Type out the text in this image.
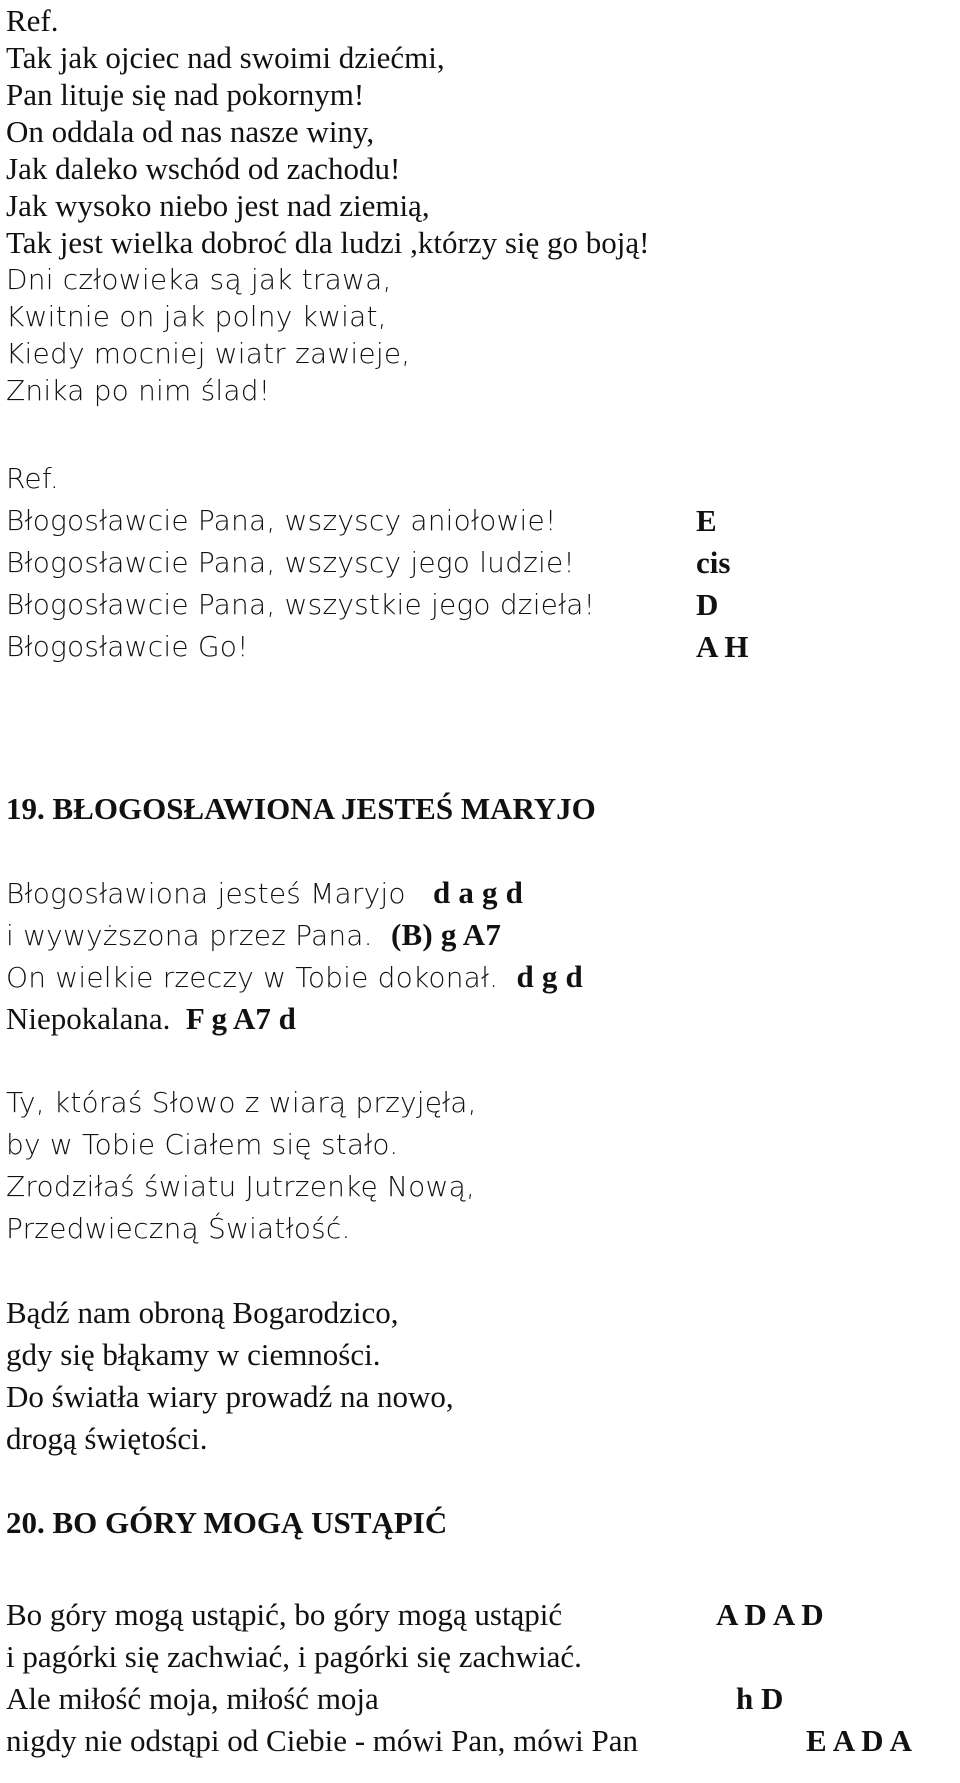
Ref.
Tak jak ojciec nad swoimi dziećmi,
Pan lituje się nad pokornym!
On oddala od nas nasze winy,
Jak daleko wschód od zachodu!
Jak wysoko niebo jest nad ziemią,
Tak jest wielka dobroć dla ludzi ,którzy się go boją!
Dni człowieka są jak trawa,
Kwitnie on jak polny kwiat,
Kiedy mocniej wiatr zawieje,
Znika po nim ślad!
Ref.
Błogosławcie Pana, wszyscy aniołowie!	E
Błogosławcie Pana, wszyscy jego ludzie!	cis
Błogosławcie Pana, wszystkie jego dzieła!	D
Błogosławcie Go!	A H
19. BŁOGOSŁAWIONA JESTEŚ MARYJO
Błogosławiona jesteś Maryjo d a g d
i wywyższona przez Pana. (B) g A7
On wielkie rzeczy w Tobie dokonał. d g d
Niepokalana. F g A7 d
Ty, któraś Słowo z wiarą przyjęła,
by w Tobie Ciałem się stało.
Zrodziłaś światu Jutrzenkę Nową,
Przedwieczną Światłość.
Bądź nam obroną Bogarodzico,
gdy się błąkamy w ciemności.
Do światła wiary prowadź na nowo,
drogą świętości.
20. BO GÓRY MOGĄ USTĄPIĆ
Bo góry mogą ustąpić, bo góry mogą ustąpić	A D A D
i pagórki się zachwiać, i pagórki się zachwiać.
Ale miłość moja, miłość moja	h D
nigdy nie odstąpi od Ciebie - mówi Pan, mówi Pan	E A D A
